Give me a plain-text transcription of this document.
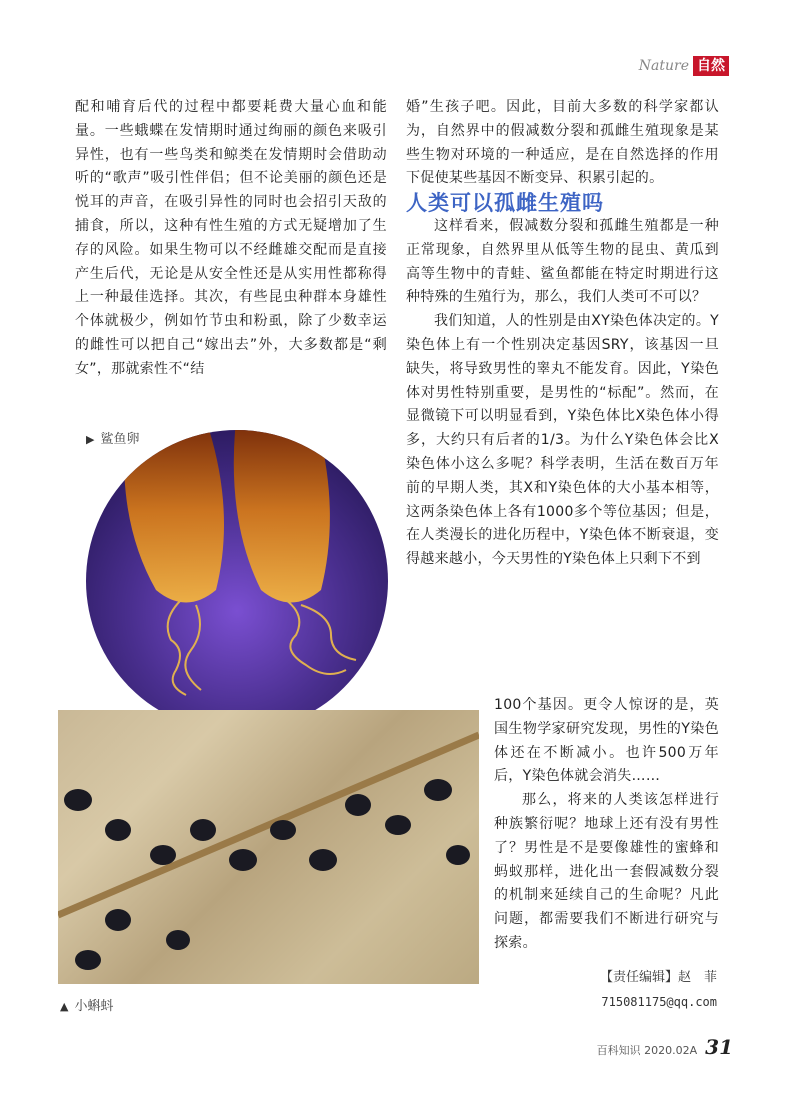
Nature 自然

配和哺育后代的过程中都要耗费大量心血和能量。一些蛾蝶在发情期时通过绚丽的颜色来吸引异性，也有一些鸟类和鲸类在发情期时会借助动听的“歌声”吸引性伴侣；但不论美丽的颜色还是悦耳的声音，在吸引异性的同时也会招引天敌的捕食，所以，这种有性生殖的方式无疑增加了生存的风险。如果生物可以不经雌雄交配而是直接产生后代，无论是从安全性还是从实用性都称得上一种最佳选择。其次，有些昆虫种群本身雄性个体就极少，例如竹节虫和粉虱，除了少数幸运的雌性可以把自己“嫁出去”外，大多数都是“剩女”，那就索性不“结

婚”生孩子吧。因此，目前大多数的科学家都认为，自然界中的假减数分裂和孤雌生殖现象是某些生物对环境的一种适应，是在自然选择的作用下促使某些基因不断变异、积累引起的。

人类可以孤雌生殖吗

这样看来，假减数分裂和孤雌生殖都是一种正常现象，自然界里从低等生物的昆虫、黄瓜到高等生物中的青蛙、鲨鱼都能在特定时期进行这种特殊的生殖行为，那么，我们人类可不可以？

我们知道，人的性别是由XY染色体决定的。Y染色体上有一个性别决定基因SRY，该基因一旦缺失，将导致男性的睾丸不能发育。因此，Y染色体对男性特别重要，是男性的“标配”。然而，在显微镜下可以明显看到，Y染色体比X染色体小得多，大约只有后者的1/3。为什么Y染色体会比X染色体小这么多呢？科学表明，生活在数百万年前的早期人类，其X和Y染色体的大小基本相等，这两条染色体上各有1000多个等位基因；但是，在人类漫长的进化历程中，Y染色体不断衰退，变得越来越小，今天男性的Y染色体上只剩下不到

100个基因。更令人惊讶的是，英国生物学家研究发现，男性的Y染色体还在不断减小。也许500万年后，Y染色体就会消失……

那么，将来的人类该怎样进行种族繁衍呢？地球上还有没有男性了？男性是不是要像雄性的蜜蜂和蚂蚁那样，进化出一套假减数分裂的机制来延续自己的生命呢？凡此问题，都需要我们不断进行研究与探索。

▶ 鲨鱼卵
▲ 小蝌蚪
【责任编辑】赵　菲
715081175@qq.com
百科知识 2020.02A 31
